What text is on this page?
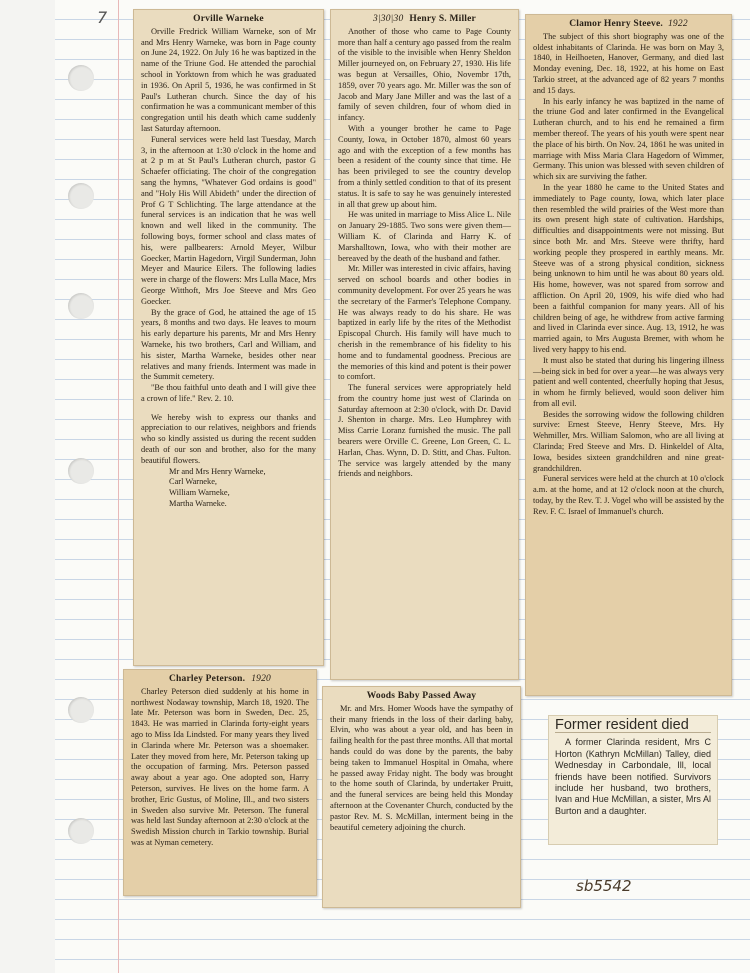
7	Orville Warneke

Orville Fredrick William Warneke, son of Mr and Mrs Henry Warneke, was born in Page county on June 24, 1922. On July 16 he was baptized in the name of the Triune God. He attended the parochial school in Yorktown from which he was graduated in 1936. On April 5, 1936, he was confirmed in St Paul's Lutheran church. Since the day of his confirmation he was a communicant member of this congregation until his death which came suddenly last Saturday afternoon.

Funeral services were held last Tuesday, March 3, in the afternoon at 1:30 o'clock in the home and at 2 p m at St Paul's Lutheran church, pastor G Schaefer officiating. The choir of the congregation sang the hymns, "Whatever God ordains is good" and "Holy His Will Abideth" under the direction of Prof G T Schlichting. The large attendance at the funeral services is an indication that he was well known and well liked in the community. The following boys, former school and class mates of his, were pallbearers: Arnold Meyer, Wilbur Goecker, Martin Hagedorn, Virgil Sunderman, John Meyer and Maurice Eilers. The following ladies were in charge of the flowers: Mrs Lulla Mace, Mrs George Witthoft, Mrs Joe Steeve and Mrs Geo Goecker.

By the grace of God, he attained the age of 15 years, 8 months and two days. He leaves to mourn his early departure his parents, Mr and Mrs Henry Warneke, his two brothers, Carl and William, and his sister, Martha Warneke, besides other near relatives and many friends. Interment was made in the Summit cemetery.

"Be thou faithful unto death and I will give thee a crown of life." Rev. 2. 10.

We hereby wish to express our thanks and appreciation to our relatives, neighbors and friends who so kindly assisted us during the recent sudden death of our son and brother, also for the many beautiful flowers.

Mr and Mrs Henry Warneke,

Carl Warneke,

William Warneke,

Martha Warneke.

3|30|30 Henry S. Miller

Another of those who came to Page County more than half a century ago passed from the realm of the visible to the invisible when Henry Sheldon Miller journeyed on, on February 27, 1930. His life was begun at Versailles, Ohio, Novembr 17th, 1859, over 70 years ago. Mr. Miller was the son of Jacob and Mary Jane Miller and was the last of a family of seven children, four of whom died in infancy.

With a younger brother he came to Page County, Iowa, in October 1870, almost 60 years ago and with the exception of a few months has been a resident of the county since that time. He has been privileged to see the country develop from a thinly settled condition to that of its present status. It is safe to say he was genuinely interested in all that grew up about him.

He was united in marriage to Miss Alice L. Nile on January 29-1885. Two sons were given them—William K. of Clarinda and Harry K. of Marshalltown, Iowa, who with their mother are bereaved by the death of the husband and father.

Mr. Miller was interested in civic affairs, having served on school boards and other bodies in community development. For over 25 years he was the secretary of the Farmer's Telephone Company. He was always ready to do his share. He was baptized in early life by the rites of the Methodist Episcopal Church. His family will have much to cherish in the remembrance of his fidelity to his home and to fundamental goodness. Precious are the memories of this kind and potent is their power to comfort.

The funeral services were appropriately held from the country home just west of Clarinda on Saturday afternoon at 2:30 o'clock, with Dr. David J. Shenton in charge. Mrs. Leo Humphrey with Miss Carrie Loranz furnished the music. The pall bearers were Orville C. Greene, Lon Green, C. L. Harlan, Chas. Wynn, D. D. Stitt, and Chas. Fulton. The service was largely attended by the many friends and neighbors.

Clamor Henry Steeve. 1922

The subject of this short biography was one of the oldest inhabitants of Clarinda. He was born on May 3, 1840, in Heilhoeten, Hanover, Germany, and died last Monday evening, Dec. 18, 1922, at his home on East Tarkio street, at the advanced age of 82 years 7 months and 15 days.

In his early infancy he was baptized in the name of the triune God and later confirmed in the Evangelical Lutheran church, and to his end he remained a firm member thereof. The years of his youth were spent near the place of his birth. On Nov. 24, 1861 he was united in marriage with Miss Maria Clara Hagedorn of Wimmer, Germany. This union was blessed with seven children of which six are surviving the father.

In the year 1880 he came to the United States and immediately to Page county, Iowa, which later place then resembled the wild prairies of the West more than its own present high state of cultivation. Hardships, difficulties and disappointments were not missing. But since both Mr. and Mrs. Steeve were thrifty, hard working people they prospered in earthly means. Mr. Steeve was of a strong physical condition, sickness being unknown to him until he was about 80 years old. His home, however, was not spared from sorrow and affliction. On April 20, 1909, his wife died who had been a faithful companion for many years. All of his children being of age, he withdrew from active farming and lived in Clarinda ever since. Aug. 13, 1912, he was married again, to Mrs Augusta Bremer, with whom he lived very happy to his end.

It must also be stated that during his lingering illness—being sick in bed for over a year—he was always very patient and well contented, cheerfully hoping that Jesus, in whom he firmly believed, would soon deliver him from all evil.

Besides the sorrowing widow the following children survive: Ernest Steeve, Henry Steeve, Mrs. Hy Wehmiller, Mrs. William Salomon, who are all living at Clarinda; Fred Steeve and Mrs. D. Hinkeldel of Alta, Iowa, besides sixteen grandchildren and nine great-grandchildren.

Funeral services were held at the church at 10 o'clock a.m. at the home, and at 12 o'clock noon at the church, today, by the Rev. T. J. Vogel who will be assisted by the Rev. F. C. Israel of Immanuel's church.

Charley Peterson. 1920

Charley Peterson died suddenly at his home in northwest Nodaway township, March 18, 1920. The late Mr. Peterson was born in Sweden, Dec. 25, 1843. He was married in Clarinda forty-eight years ago to Miss Ida Lindsted. For many years they lived in Clarinda where Mr. Peterson was a shoemaker. Later they moved from here, Mr. Peterson taking up the occupation of farming. Mrs. Peterson passed away about a year ago. One adopted son, Harry Peterson, survives. He lives on the home farm. A brother, Eric Gustus, of Moline, Ill., and two sisters in Sweden also survive Mr. Peterson. The funeral was held last Sunday afternoon at 2:30 o'clock at the Swedish Mission church in Tarkio township. Burial was at Nyman cemetery.

Woods Baby Passed Away

Mr. and Mrs. Homer Woods have the sympathy of their many friends in the loss of their darling baby, Elvin, who was about a year old, and has been in failing health for the past three months. All that mortal hands could do was done by the parents, the baby being taken to Immanuel Hospital in Omaha, where he passed away Friday night. The body was brought to the home south of Clarinda, by undertaker Pruitt, and the funeral services are being held this Monday afternoon at the Covenanter Church, conducted by the pastor Rev. M. S. McMillan, interment being in the beautiful cemetery adjoining the church.

Former resident died

A former Clarinda resident, Mrs C Horton (Kathryn McMillan) Talley, died Wednesday in Carbondale, Ill, local friends have been notified. Survivors include her husband, two brothers, Ivan and Hue McMillan, a sister, Mrs Al Burton and a daughter.

sb5542
